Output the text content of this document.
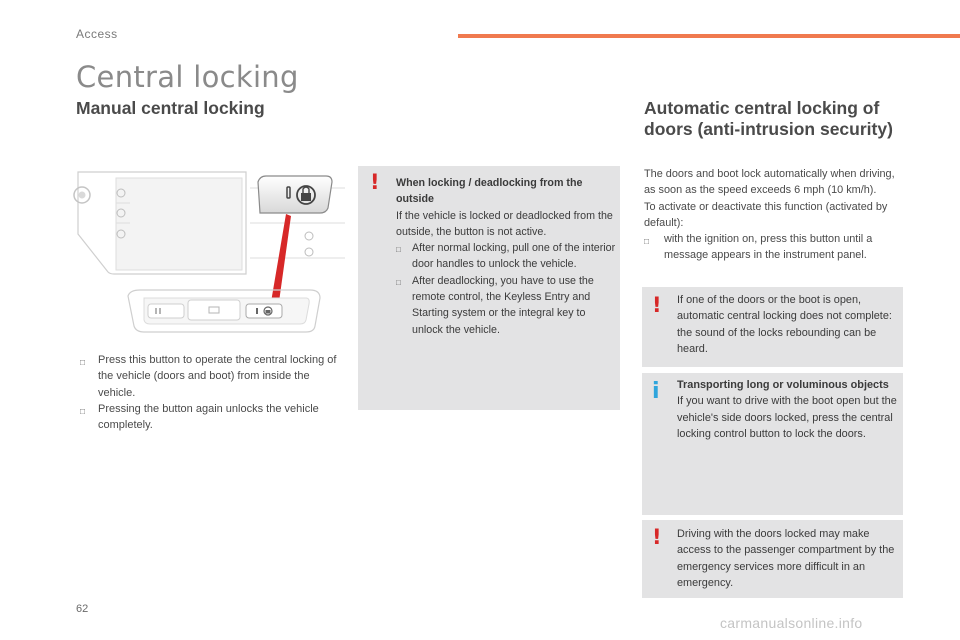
Access
Central locking
Manual central locking	Automatic central locking of doors (anti-intrusion security)
□	Press this button to operate the central locking of the vehicle (doors and boot) from inside the vehicle.
□	Pressing the button again unlocks the vehicle completely.
! When locking / deadlocking from the outside
If the vehicle is locked or deadlocked from the outside, the button is not active.
□	After normal locking, pull one of the interior door handles to unlock the vehicle.
□	After deadlocking, you have to use the remote control, the Keyless Entry and Starting system or the integral key to unlock the vehicle.
The doors and boot lock automatically when driving, as soon as the speed exceeds 6 mph (10 km/h).
To activate or deactivate this function (activated by default):
□	with the ignition on, press this button until a message appears in the instrument panel.
! If one of the doors or the boot is open, automatic central locking does not complete: the sound of the locks rebounding can be heard.
i Transporting long or voluminous objects
If you want to drive with the boot open but the vehicle's side doors locked, press the central locking control button to lock the doors.
! Driving with the doors locked may make access to the passenger compartment by the emergency services more difficult in an emergency.
62
carmanualsonline.info
